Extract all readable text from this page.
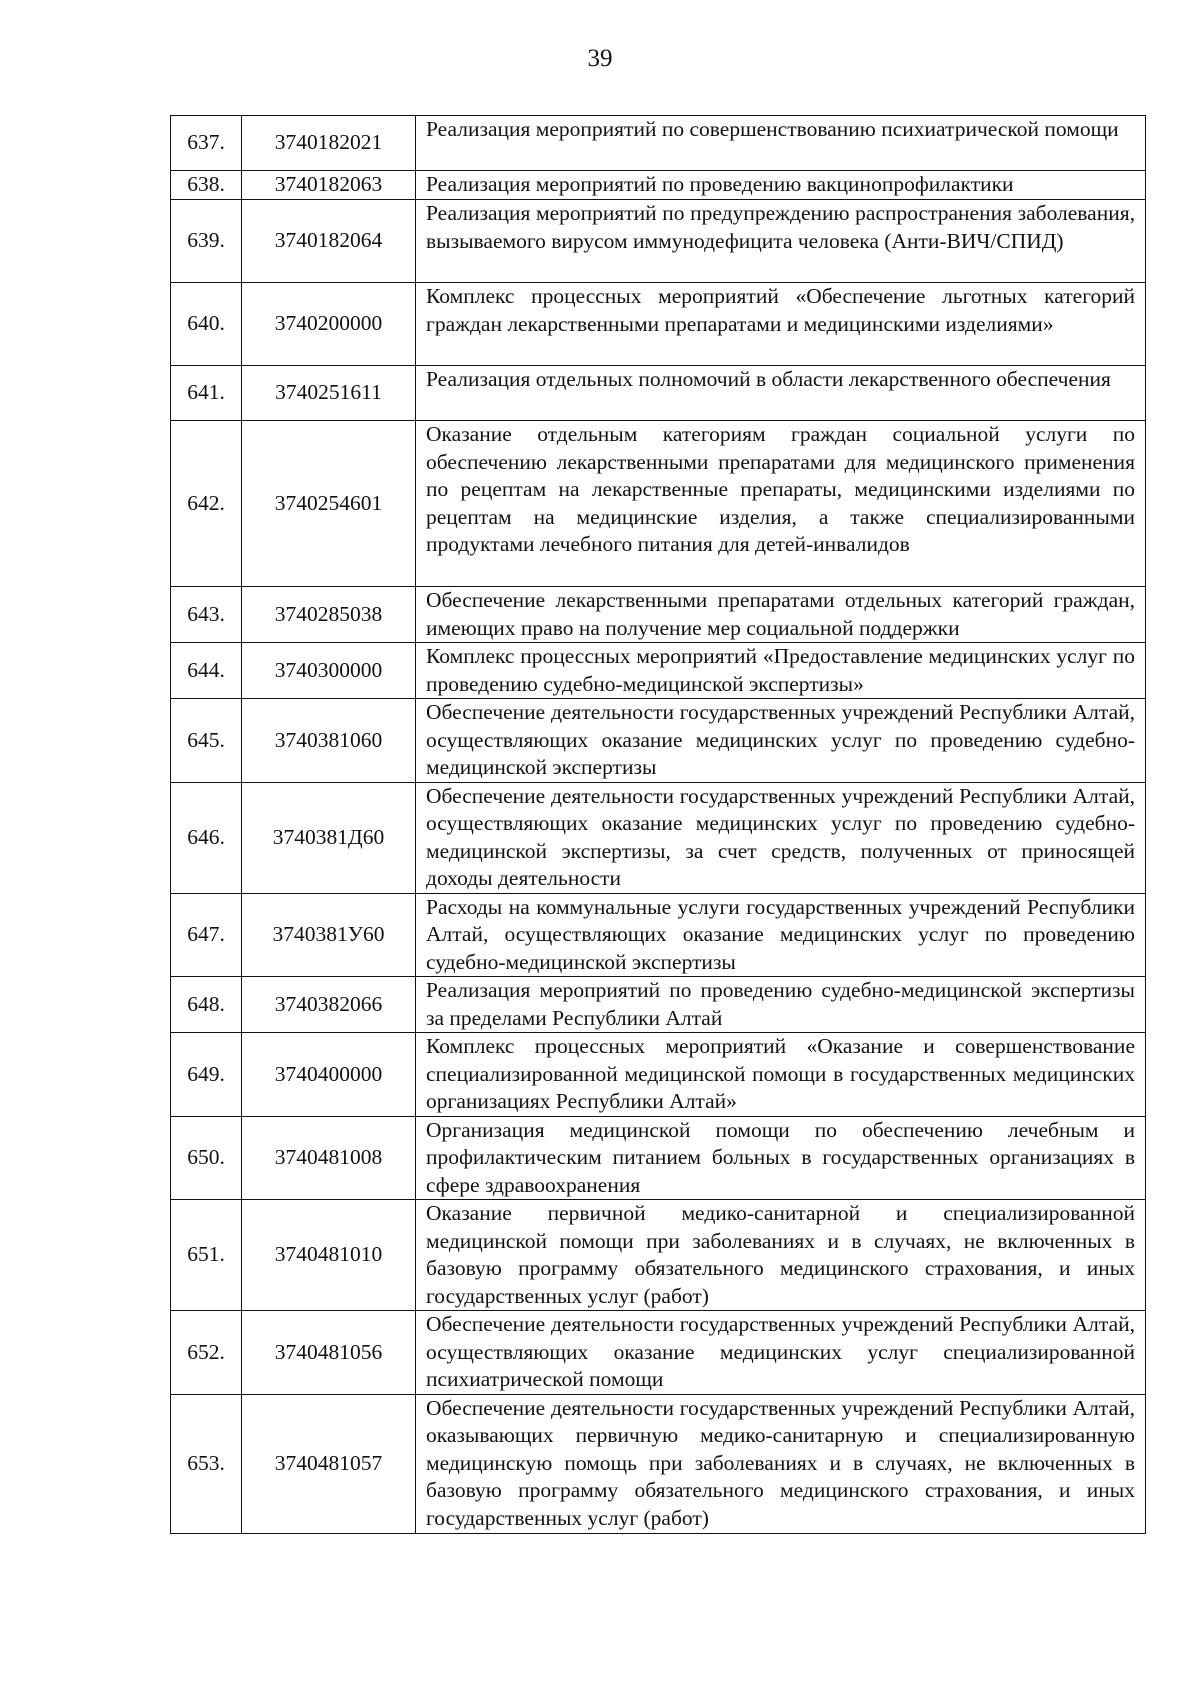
39
637.	3740182021	Реализация мероприятий по совершенствованию психиатрической помощи

638.	3740182063	Реализация мероприятий по проведению вакцинопрофилактики

639.	3740182064	Реализация мероприятий по предупреждению распространения заболевания, вызываемого вирусом иммунодефицита человека (Анти-ВИЧ/СПИД)

640.	3740200000	Комплекс процессных мероприятий «Обеспечение льготных категорий граждан лекарственными препаратами и медицинскими изделиями»

641.	3740251611	Реализация отдельных полномочий в области лекарственного обеспечения

642.	3740254601	Оказание отдельным категориям граждан социальной услуги по обеспечению лекарственными препаратами для медицинского применения по рецептам на лекарственные препараты, медицинскими изделиями по рецептам на медицинские изделия, а также специализированными продуктами лечебного питания для детей-инвалидов

643.	3740285038	Обеспечение лекарственными препаратами отдельных категорий граждан, имеющих право на получение мер социальной поддержки

644.	3740300000	Комплекс процессных мероприятий «Предоставление медицинских услуг по проведению судебно-медицинской экспертизы»

645.	3740381060	Обеспечение деятельности государственных учреждений Республики Алтай, осуществляющих оказание медицинских услуг по проведению судебно-медицинской экспертизы

646.	3740381Д60	Обеспечение деятельности государственных учреждений Республики Алтай, осуществляющих оказание медицинских услуг по проведению судебно-медицинской экспертизы, за счет средств, полученных от приносящей доходы деятельности

647.	3740381У60	Расходы на коммунальные услуги государственных учреждений Республики Алтай, осуществляющих оказание медицинских услуг по проведению судебно-медицинской экспертизы

648.	3740382066	Реализация мероприятий по проведению судебно-медицинской экспертизы за пределами Республики Алтай

649.	3740400000	Комплекс процессных мероприятий «Оказание и совершенствование специализированной медицинской помощи в государственных медицинских организациях Республики Алтай»

650.	3740481008	Организация медицинской помощи по обеспечению лечебным и профилактическим питанием больных в государственных организациях в сфере здравоохранения

651.	3740481010	Оказание первичной медико-санитарной и специализированной медицинской помощи при заболеваниях и в случаях, не включенных в базовую программу обязательного медицинского страхования, и иных государственных услуг (работ)

652.	3740481056	Обеспечение деятельности государственных учреждений Республики Алтай, осуществляющих оказание медицинских услуг специализированной психиатрической помощи

653.	3740481057	Обеспечение деятельности государственных учреждений Республики Алтай, оказывающих первичную медико-санитарную и специализированную медицинскую помощь при заболеваниях и в случаях, не включенных в базовую программу обязательного медицинского страхования, и иных государственных услуг (работ)
